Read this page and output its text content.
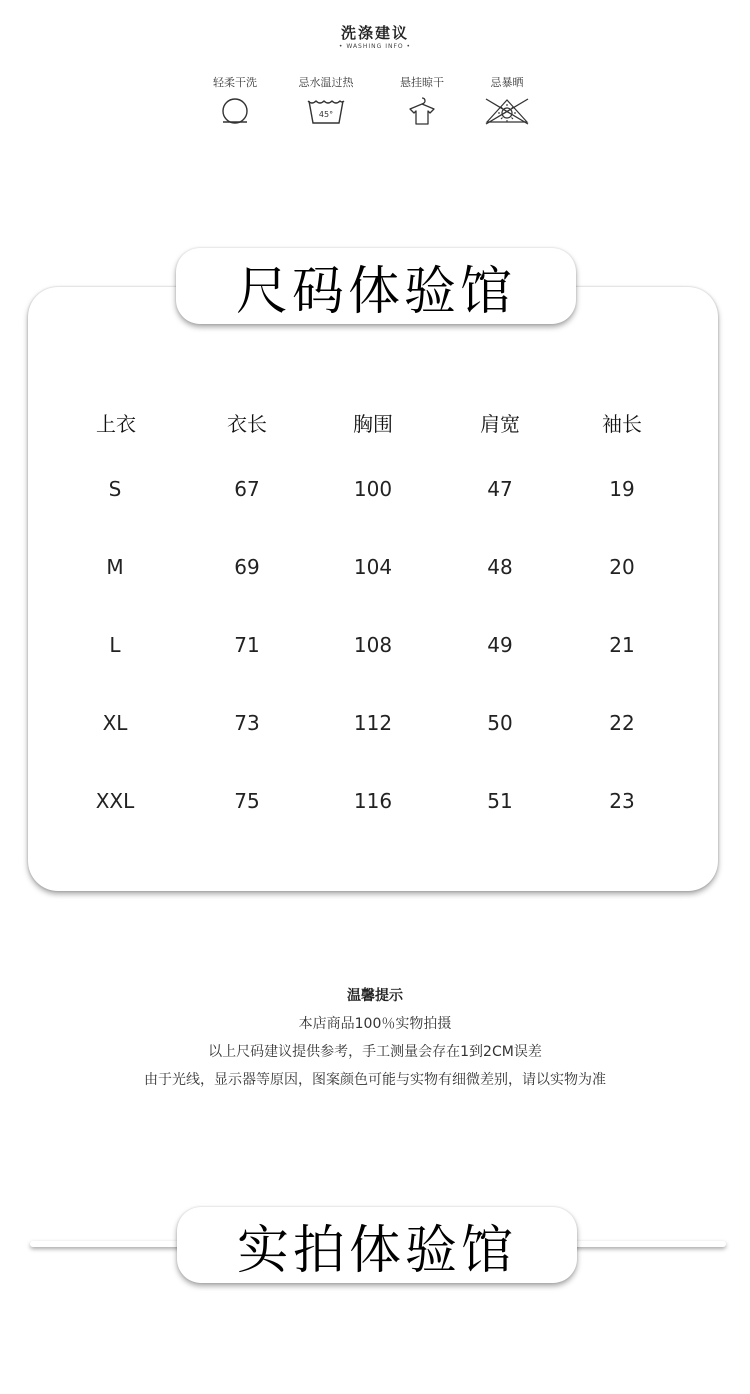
洗涤建议
• WASHING INFO •
轻柔干洗	忌水温过热
45°
悬挂晾干	忌暴晒
尺码体验馆
上衣	衣长	胸围	肩宽	袖长
S	67	100	47	19
M	69	104	48	20
L	71	108	49	21
XL	73	112	50	22
XXL	75	116	51	23
温馨提示
本店商品100％实物拍摄
以上尺码建议提供参考，手工测量会存在1到2CM误差
由于光线，显示器等原因，图案颜色可能与实物有细微差别，请以实物为准
实拍体验馆
